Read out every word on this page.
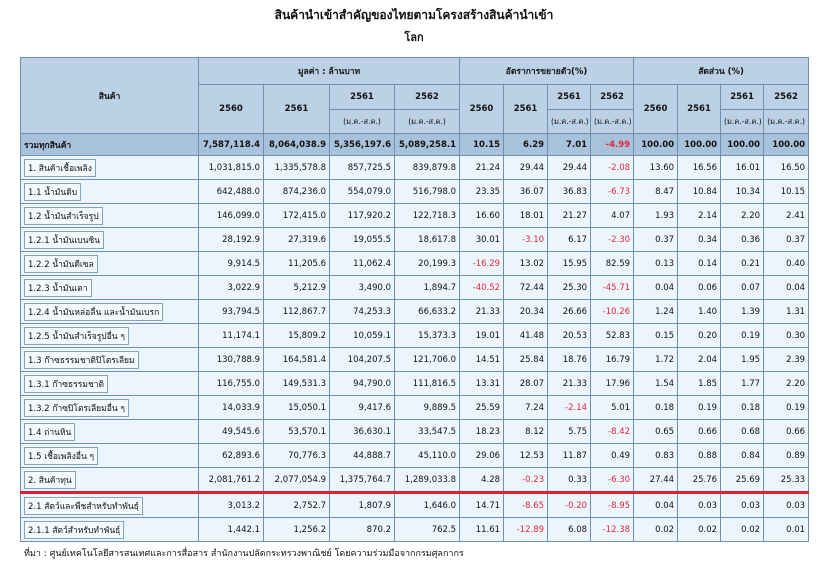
สินค้านำเข้าสำคัญของไทยตามโครงสร้างสินค้านำเข้า
โลก
สินค้า	มูลค่า : ล้านบาท				อัตราการขยายตัว(%)				สัดส่วน (%)			
	2560	2561	2561	2562	2560	2561	2561	2562	2560	2561	2561	2562
			(ม.ค.-ส.ค.)	(ม.ค.-ส.ค.)			(ม.ค.-ส.ค.)	(ม.ค.-ส.ค.)			(ม.ค.-ส.ค.)	(ม.ค.-ส.ค.)
รวมทุกสินค้า	7,587,118.4	8,064,038.9	5,356,197.6	5,089,258.1	10.15	6.29	7.01	-4.99	100.00	100.00	100.00	100.00
1. สินค้าเชื้อเพลิง	1,031,815.0	1,335,578.8	857,725.5	839,879.8	21.24	29.44	29.44	-2.08	13.60	16.56	16.01	16.50
1.1 น้ำมันดิบ	642,488.0	874,236.0	554,079.0	516,798.0	23.35	36.07	36.83	-6.73	8.47	10.84	10.34	10.15
1.2 น้ำมันสำเร็จรูป	146,099.0	172,415.0	117,920.2	122,718.3	16.60	18.01	21.27	4.07	1.93	2.14	2.20	2.41
1.2.1 น้ำมันเบนซิน	28,192.9	27,319.6	19,055.5	18,617.8	30.01	-3.10	6.17	-2.30	0.37	0.34	0.36	0.37
1.2.2 น้ำมันดีเซล	9,914.5	11,205.6	11,062.4	20,199.3	-16.29	13.02	15.95	82.59	0.13	0.14	0.21	0.40
1.2.3 น้ำมันเตา	3,022.9	5,212.9	3,490.0	1,894.7	-40.52	72.44	25.30	-45.71	0.04	0.06	0.07	0.04
1.2.4 น้ำมันหล่อลื่น และน้ำมันเบรก	93,794.5	112,867.7	74,253.3	66,633.2	21.33	20.34	26.66	-10.26	1.24	1.40	1.39	1.31
1.2.5 น้ำมันสำเร็จรูปอื่น ๆ	11,174.1	15,809.2	10,059.1	15,373.3	19.01	41.48	20.53	52.83	0.15	0.20	0.19	0.30
1.3 ก๊าซธรรมชาติปิโตรเลียม	130,788.9	164,581.4	104,207.5	121,706.0	14.51	25.84	18.76	16.79	1.72	2.04	1.95	2.39
1.3.1 ก๊าซธรรมชาติ	116,755.0	149,531.3	94,790.0	111,816.5	13.31	28.07	21.33	17.96	1.54	1.85	1.77	2.20
1.3.2 ก๊าซปิโตรเลียมอื่น ๆ	14,033.9	15,050.1	9,417.6	9,889.5	25.59	7.24	-2.14	5.01	0.18	0.19	0.18	0.19
1.4 ถ่านหิน	49,545.6	53,570.1	36,630.1	33,547.5	18.23	8.12	5.75	-8.42	0.65	0.66	0.68	0.66
1.5 เชื้อเพลิงอื่น ๆ	62,893.6	70,776.3	44,888.7	45,110.0	29.06	12.53	11.87	0.49	0.83	0.88	0.84	0.89
2. สินค้าทุน	2,081,761.2	2,077,054.9	1,375,764.7	1,289,033.8	4.28	-0.23	0.33	-6.30	27.44	25.76	25.69	25.33
2.1 สัตว์และพืชสำหรับทำพันธุ์	3,013.2	2,752.7	1,807.9	1,646.0	14.71	-8.65	-0.20	-8.95	0.04	0.03	0.03	0.03
2.1.1 สัตว์สำหรับทำพันธุ์	1,442.1	1,256.2	870.2	762.5	11.61	-12.89	6.08	-12.38	0.02	0.02	0.02	0.01
ที่มา : ศูนย์เทคโนโลยีสารสนเทศและการสื่อสาร สำนักงานปลัดกระทรวงพาณิชย์ โดยความร่วมมือจากกรมศุลกากร
